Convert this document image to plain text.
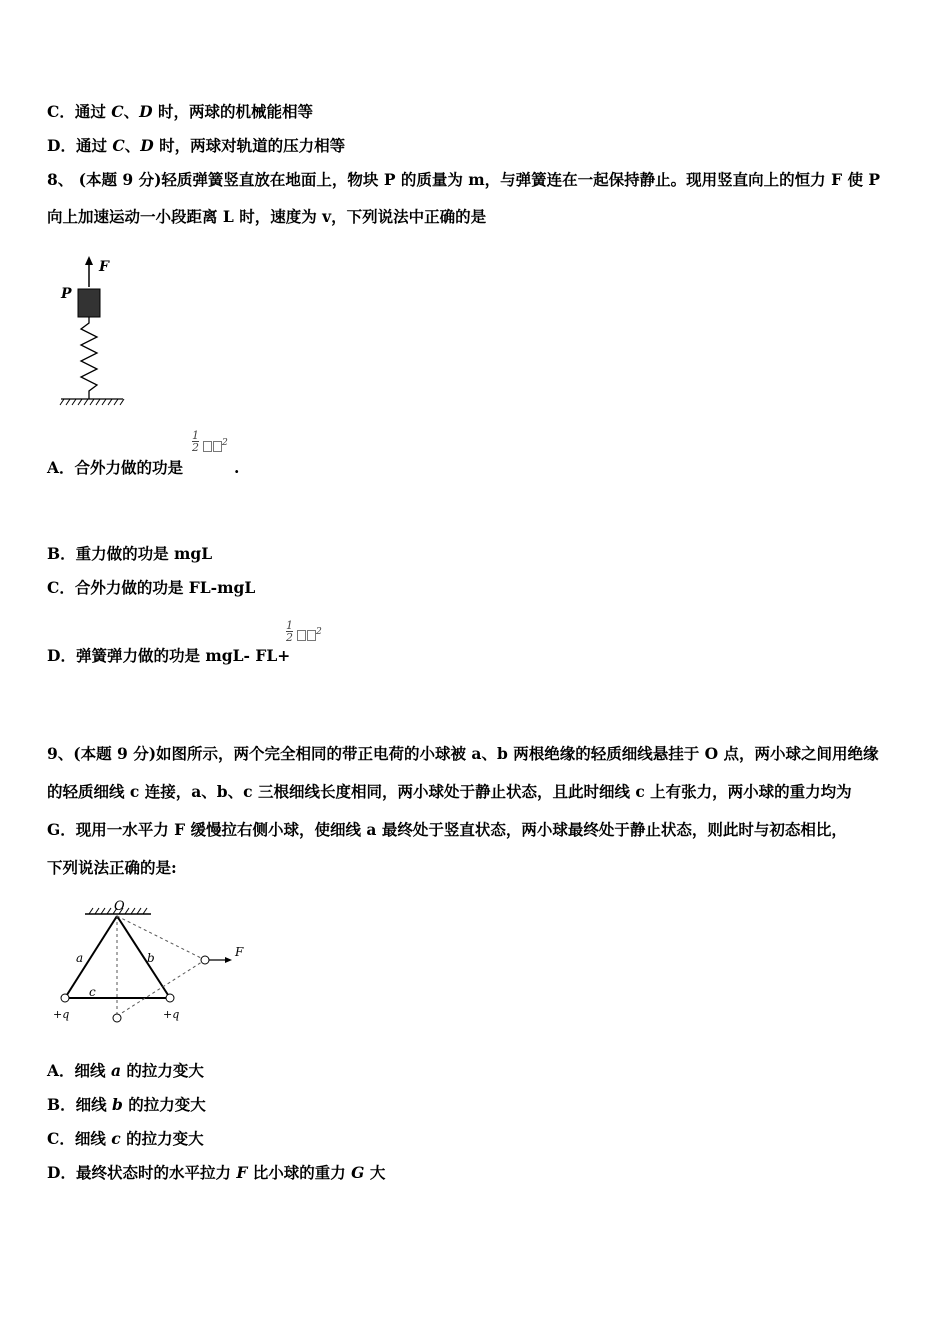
C．通过 C、D 时，两球的机械能相等
D．通过 C、D 时，两球对轨道的压力相等
8、 (本题 9 分)轻质弹簧竖直放在地面上，物块 P 的质量为 m，与弹簧连在一起保持静止。现用竖直向上的恒力 F 使 P
向上加速运动一小段距离 L 时，速度为 v，下列说法中正确的是
F
P
A．合外力做的功是
1
2	$^2$
.
B．重力做的功是 mgL
C．合外力做的功是 FL-mgL
D．弹簧弹力做的功是 mgL- FL+
1
2	$^2$
9、(本题 9 分)如图所示，两个完全相同的带正电荷的小球被 a、b 两根绝缘的轻质细线悬挂于 O 点，两小球之间用绝缘
的轻质细线 c 连接，a、b、c 三根细线长度相同，两小球处于静止状态，且此时细线 c 上有张力，两小球的重力均为
G．现用一水平力 F 缓慢拉右侧小球，使细线 a 最终处于竖直状态，两小球最终处于静止状态，则此时与初态相比，
下列说法正确的是:
O
F
a	b
c
+q	+q
A．细线 a 的拉力变大
B．细线 b 的拉力变大
C．细线 c 的拉力变大
D．最终状态时的水平拉力 F 比小球的重力 G 大
